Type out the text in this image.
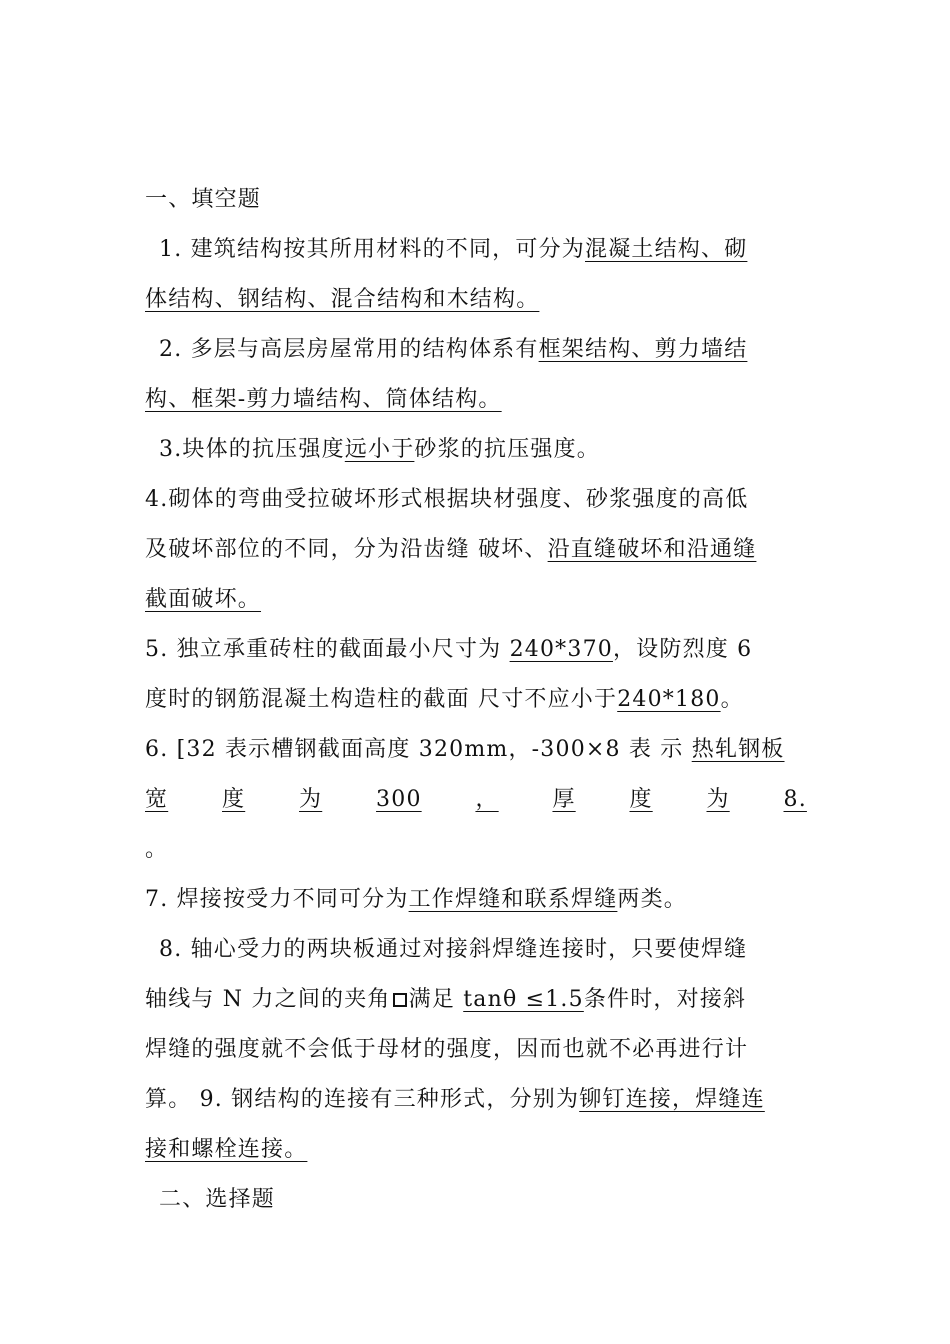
一、填空题
1. 建筑结构按其所用材料的不同，可分为混凝土结构、砌
体结构、钢结构、混合结构和木结构。
2. 多层与高层房屋常用的结构体系有框架结构、剪力墙结
构、框架-剪力墙结构、筒体结构。
3.块体的抗压强度远小于砂浆的抗压强度。
4.砌体的弯曲受拉破坏形式根据块材强度、砂浆强度的高低
及破坏部位的不同，分为沿齿缝 破坏、沿直缝破坏和沿通缝
截面破坏。
5. 独立承重砖柱的截面最小尺寸为 240*370，设防烈度 6
度时的钢筋混凝土构造柱的截面 尺寸不应小于240*180。
6. [32 表示槽钢截面高度 320mm，-300×8 表 示 热轧钢板
宽 度 为 300 ， 厚 度 为 8.
。
7. 焊接按受力不同可分为工作焊缝和联系焊缝两类。
8. 轴心受力的两块板通过对接斜焊缝连接时，只要使焊缝
轴线与 N 力之间的夹角 满足 tanθ ≤1.5条件时，对接斜
焊缝的强度就不会低于母材的强度，因而也就不必再进行计
算。 9. 钢结构的连接有三种形式，分别为铆钉连接，焊缝连
接和螺栓连接。
二、选择题
